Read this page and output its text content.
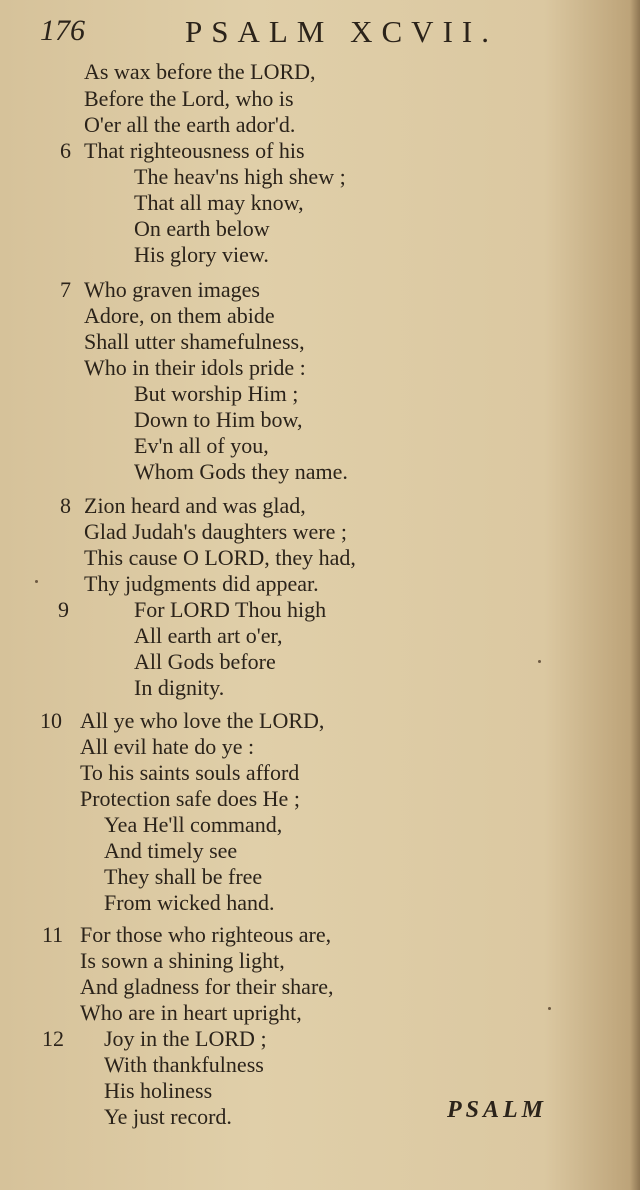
176	PSALM XCVII.
As wax before the LORD,
Before the Lord, who is
O'er all the earth ador'd.
6 That righteousness of his
The heav'ns high shew ;
That all may know,
On earth below
His glory view.
7 Who graven images
Adore, on them abide
Shall utter shamefulness,
Who in their idols pride :
But worship Him ;
Down to Him bow,
Ev'n all of you,
Whom Gods they name.
8 Zion heard and was glad,
Glad Judah's daughters were ;
This cause O LORD, they had,
Thy judgments did appear.
9	For LORD Thou high
All earth art o'er,
All Gods before
In dignity.
10 All ye who love the LORD,
All evil hate do ye :
To his saints souls afford
Protection safe does He ;
Yea He'll command,
And timely see
They shall be free
From wicked hand.
11 For those who righteous are,
Is sown a shining light,
And gladness for their share,
Who are in heart upright,
12 Joy in the LORD ;
With thankfulness
His holiness
Ye just record.	PSALM
